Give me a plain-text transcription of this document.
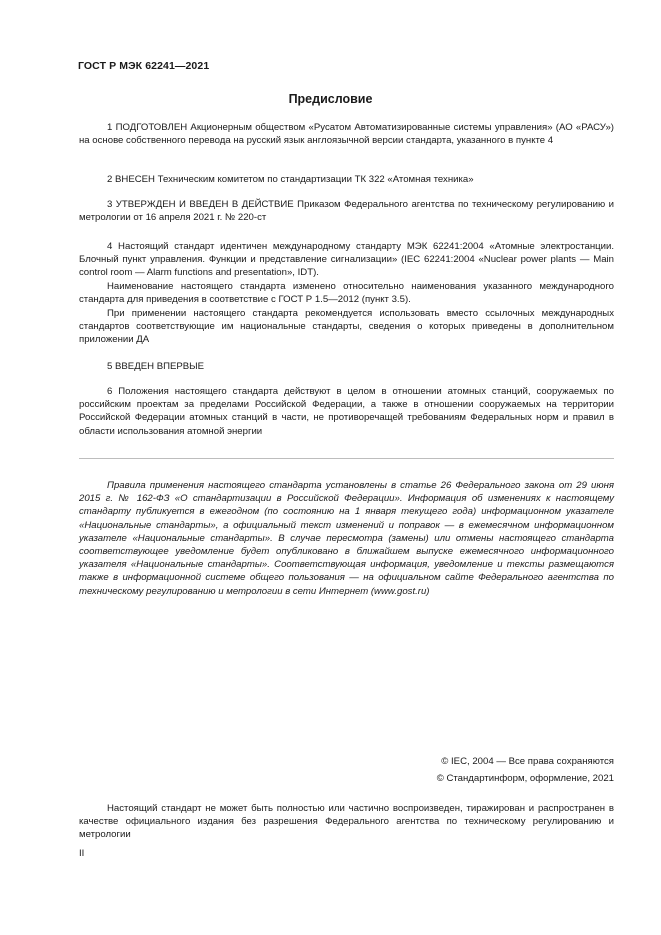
ГОСТ Р МЭК 62241—2021
Предисловие

1 ПОДГОТОВЛЕН Акционерным обществом «Русатом Автоматизированные системы управления» (АО «РАСУ») на основе собственного перевода на русский язык англоязычной версии стандарта, указанного в пункте 4

2 ВНЕСЕН Техническим комитетом по стандартизации ТК 322 «Атомная техника»

3 УТВЕРЖДЕН И ВВЕДЕН В ДЕЙСТВИЕ Приказом Федерального агентства по техническому регулированию и метрологии от 16 апреля 2021 г. № 220-ст

4 Настоящий стандарт идентичен международному стандарту МЭК 62241:2004 «Атомные электростанции. Блочный пункт управления. Функции и представление сигнализации» (IEC 62241:2004 «Nuclear power plants — Main control room — Alarm functions and presentation», IDT).

Наименование настоящего стандарта изменено относительно наименования указанного международного стандарта для приведения в соответствие с ГОСТ Р 1.5—2012 (пункт 3.5).

При применении настоящего стандарта рекомендуется использовать вместо ссылочных международных стандартов соответствующие им национальные стандарты, сведения о которых приведены в дополнительном приложении ДА

5 ВВЕДЕН ВПЕРВЫЕ

6 Положения настоящего стандарта действуют в целом в отношении атомных станций, сооружаемых по российским проектам за пределами Российской Федерации, а также в отношении сооружаемых на территории Российской Федерации атомных станций в части, не противоречащей требованиям Федеральных норм и правил в области использования атомной энергии

Правила применения настоящего стандарта установлены в статье 26 Федерального закона от 29 июня 2015 г. № 162-ФЗ «О стандартизации в Российской Федерации». Информация об изменениях к настоящему стандарту публикуется в ежегодном (по состоянию на 1 января текущего года) информационном указателе «Национальные стандарты», а официальный текст изменений и поправок — в ежемесячном информационном указателе «Национальные стандарты». В случае пересмотра (замены) или отмены настоящего стандарта соответствующее уведомление будет опубликовано в ближайшем выпуске ежемесячного информационного указателя «Национальные стандарты». Соответствующая информация, уведомление и тексты размещаются также в информационной системе общего пользования — на официальном сайте Федерального агентства по техническому регулированию и метрологии в сети Интернет (www.gost.ru)

© IEC, 2004 — Все права сохраняются
© Стандартинформ, оформление, 2021

Настоящий стандарт не может быть полностью или частично воспроизведен, тиражирован и распространен в качестве официального издания без разрешения Федерального агентства по техническому регулированию и метрологии

II
